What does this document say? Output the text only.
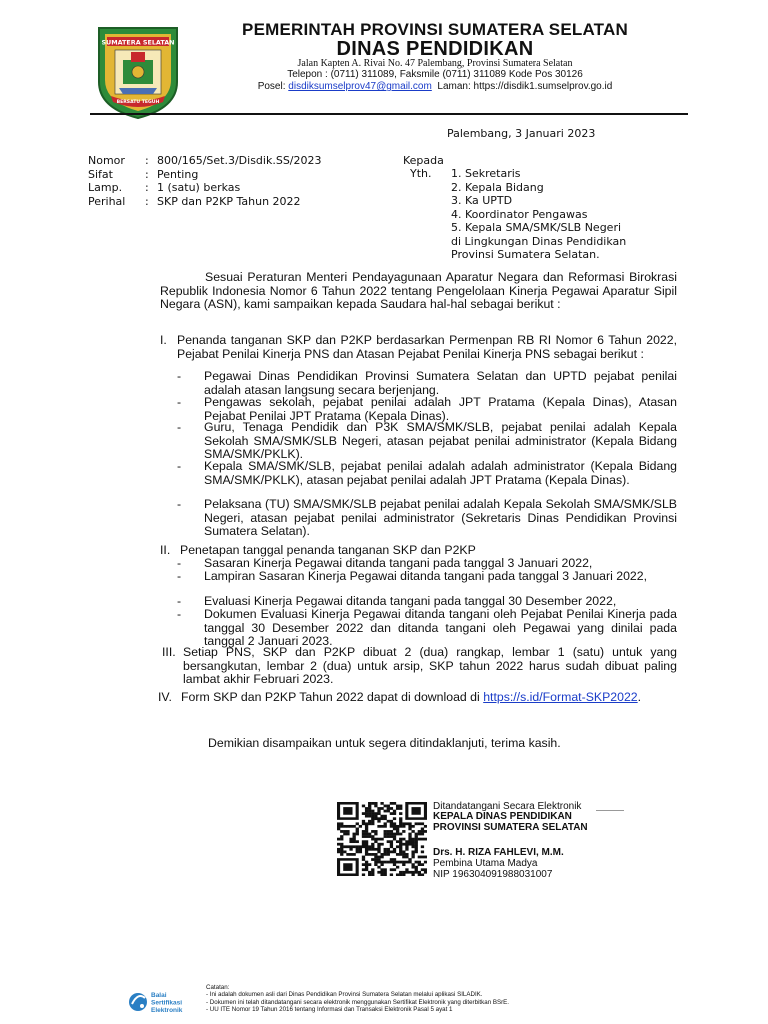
SUMATERA SELATAN
BERSATU TEGUH
PEMERINTAH PROVINSI SUMATERA SELATAN
DINAS PENDIDIKAN
Jalan Kapten A. Rivai No. 47 Palembang, Provinsi Sumatera Selatan
Telepon : (0711) 311089, Faksmile (0711) 311089 Kode Pos 30126
Posel: disdiksumselprov47@gmail.com Laman: https://disdik1.sumselprov.go.id
Palembang, 3 Januari 2023
Nomor	: 800/165/Set.3/Disdik.SS/2023
Sifat	: Penting
Lamp.	: 1 (satu) berkas
Perihal	: SKP dan P2KP Tahun 2022
Kepada
Yth. 1. Sekretaris
2. Kepala Bidang
3. Ka UPTD
4. Koordinator Pengawas
5. Kepala SMA/SMK/SLB Negeri
di Lingkungan Dinas Pendidikan
Provinsi Sumatera Selatan.
Sesuai Peraturan Menteri Pendayagunaan Aparatur Negara dan Reformasi Birokrasi Republik Indonesia Nomor 6 Tahun 2022 tentang Pengelolaan Kinerja Pegawai Aparatur Sipil Negara (ASN), kami sampaikan kepada Saudara hal-hal sebagai berikut :
I. Penanda tanganan SKP dan P2KP berdasarkan Permenpan RB RI Nomor 6 Tahun 2022, Pejabat Penilai Kinerja PNS dan Atasan Pejabat Penilai Kinerja PNS sebagai berikut :
-	Pegawai Dinas Pendidikan Provinsi Sumatera Selatan dan UPTD pejabat penilai adalah atasan langsung secara berjenjang.
-	Pengawas sekolah, pejabat penilai adalah JPT Pratama (Kepala Dinas), Atasan Pejabat Penilai JPT Pratama (Kepala Dinas).
-	Guru, Tenaga Pendidik dan P3K SMA/SMK/SLB, pejabat penilai adalah Kepala Sekolah SMA/SMK/SLB Negeri, atasan pejabat penilai administrator (Kepala Bidang SMA/SMK/PKLK).
-	Kepala SMA/SMK/SLB, pejabat penilai adalah adalah administrator (Kepala Bidang SMA/SMK/PKLK), atasan pejabat penilai adalah JPT Pratama (Kepala Dinas).
-	Pelaksana (TU) SMA/SMK/SLB pejabat penilai adalah Kepala Sekolah SMA/SMK/SLB Negeri, atasan pejabat penilai administrator (Sekretaris Dinas Pendidikan Provinsi Sumatera Selatan).
II. Penetapan tanggal penanda tanganan SKP dan P2KP
-	Sasaran Kinerja Pegawai ditanda tangani pada tanggal 3 Januari 2022,
-	Lampiran Sasaran Kinerja Pegawai ditanda tangani pada tanggal 3 Januari 2022,
-	Evaluasi Kinerja Pegawai ditanda tangani pada tanggal 30 Desember 2022,
-	Dokumen Evaluasi Kinerja Pegawai ditanda tangani oleh Pejabat Penilai Kinerja pada tanggal 30 Desember 2022 dan ditanda tangani oleh Pegawai yang dinilai pada tanggal 2 Januari 2023.
III. Setiap PNS, SKP dan P2KP dibuat 2 (dua) rangkap, lembar 1 (satu) untuk yang bersangkutan, lembar 2 (dua) untuk arsip, SKP tahun 2022 harus sudah dibuat paling lambat akhir Februari 2023.
IV. Form SKP dan P2KP Tahun 2022 dapat di download di https://s.id/Format-SKP2022.
Demikian disampaikan untuk segera ditindaklanjuti, terima kasih.
Ditandatangani Secara Elektronik
KEPALA DINAS PENDIDIKAN
PROVINSI SUMATERA SELATAN
Drs. H. RIZA FAHLEVI, M.M.
Pembina Utama Madya
NIP 196304091988031007
Balai
Sertifikasi
Elektronik
Catatan:
- Ini adalah dokumen asli dari Dinas Pendidikan Provinsi Sumatera Selatan melalui aplikasi SILADIK.
- Dokumen ini telah ditandatangani secara elektronik menggunakan Sertifikat Elektronik yang diterbitkan BSrE.
- UU ITE Nomor 19 Tahun 2016 tentang Informasi dan Transaksi Elektronik Pasal 5 ayat 1
